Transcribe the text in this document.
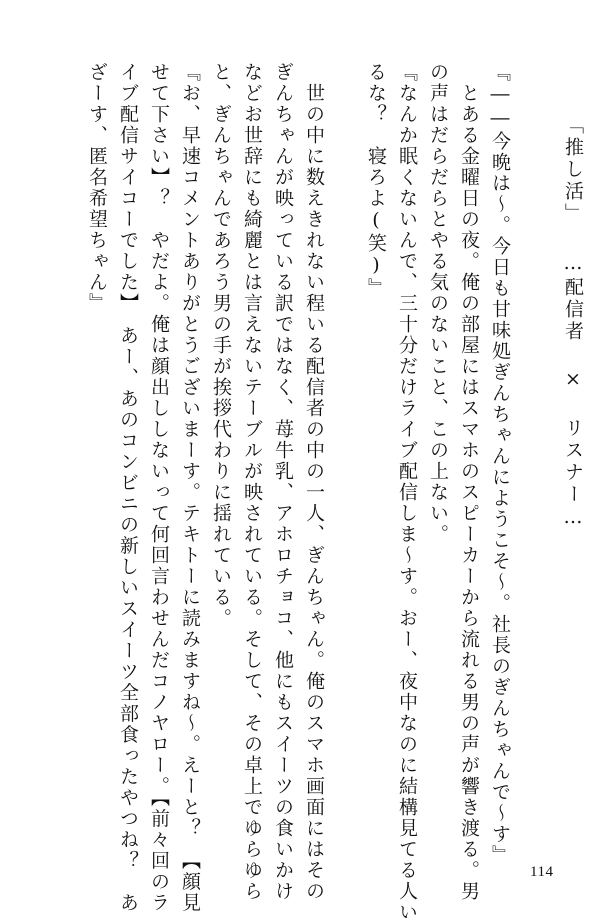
「推し活」
…配信者 × リスナー…
『――今晩は～。今日も甘味処ぎんちゃんにようこそ～。社長のぎんちゃんで～す』
　とある金曜日の夜。俺の部屋にはスマホのスピーカーから流れる男の声が響き渡る。男
の声はだらだらとやる気のないこと、この上ない。
『なんか眠くないんで、三十分だけライブ配信しま～す。おー、夜中なのに結構見てる人い
るな？　寝ろよ(笑)』
　世の中に数えきれない程いる配信者の中の一人、ぎんちゃん。俺のスマホ画面にはその
ぎんちゃんが映っている訳ではなく、苺牛乳、アホロチョコ、他にもスイーツの食いかけ
などお世辞にも綺麗とは言えないテーブルが映されている。そして、その卓上でゆらゆら
と、ぎんちゃんであろう男の手が挨拶代わりに揺れている。
『お、早速コメントありがとうございまーす。テキトーに読みますね～。えーと？　【顔見
せて下さい】？　やだよ。俺は顔出ししないって何回言わせんだコノヤロー。【前々回のラ
イブ配信サイコーでした】　あー、あのコンビニの新しいスイーツ全部食ったやつね？　あ
ざーす、匿名希望ちゃん』
114
